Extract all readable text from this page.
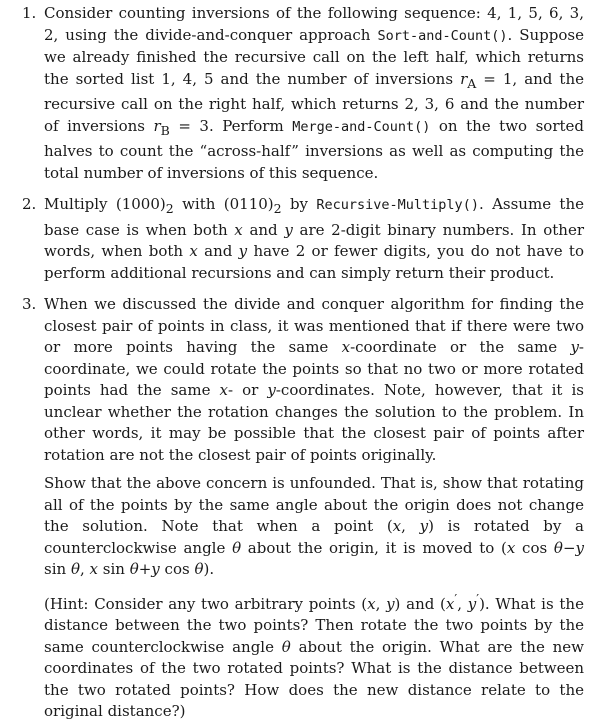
1. Consider counting inversions of the following sequence: 4, 1, 5, 6, 3, 2, using the divide-and-conquer approach Sort-and-Count(). Suppose we already finished the recursive call on the left half, which returns the sorted list 1, 4, 5 and the number of inversions $r_A = 1$, and the recursive call on the right half, which returns 2, 3, 6 and the number of inversions $r_B = 3$. Perform Merge-and-Count() on the two sorted halves to count the “across-half” inversions as well as computing the total number of inversions of this sequence.

2. Multiply $(1000)_2$ with $(0110)_2$ by Recursive-Multiply(). Assume the base case is when both x and y are 2-digit binary numbers. In other words, when both x and y have 2 or fewer digits, you do not have to perform additional recursions and can simply return their product.

3. When we discussed the divide and conquer algorithm for finding the closest pair of points in class, it was mentioned that if there were two or more points having the same x-coordinate or the same y-coordinate, we could rotate the points so that no two or more rotated points had the same x- or y-coordinates. Note, however, that it is unclear whether the rotation changes the solution to the problem. In other words, it may be possible that the closest pair of points after rotation are not the closest pair of points originally.

Show that the above concern is unfounded. That is, show that rotating all of the points by the same angle about the origin does not change the solution. Note that when a point (x, y) is rotated by a counterclockwise angle θ about the origin, it is moved to (x cos θ−y sin θ, x sin θ+y cos θ).

(Hint: Consider any two arbitrary points (x, y) and (x′, y′). What is the distance between the two points? Then rotate the two points by the same counterclockwise angle θ about the origin. What are the new coordinates of the two rotated points? What is the distance between the two rotated points? How does the new distance relate to the original distance?)
